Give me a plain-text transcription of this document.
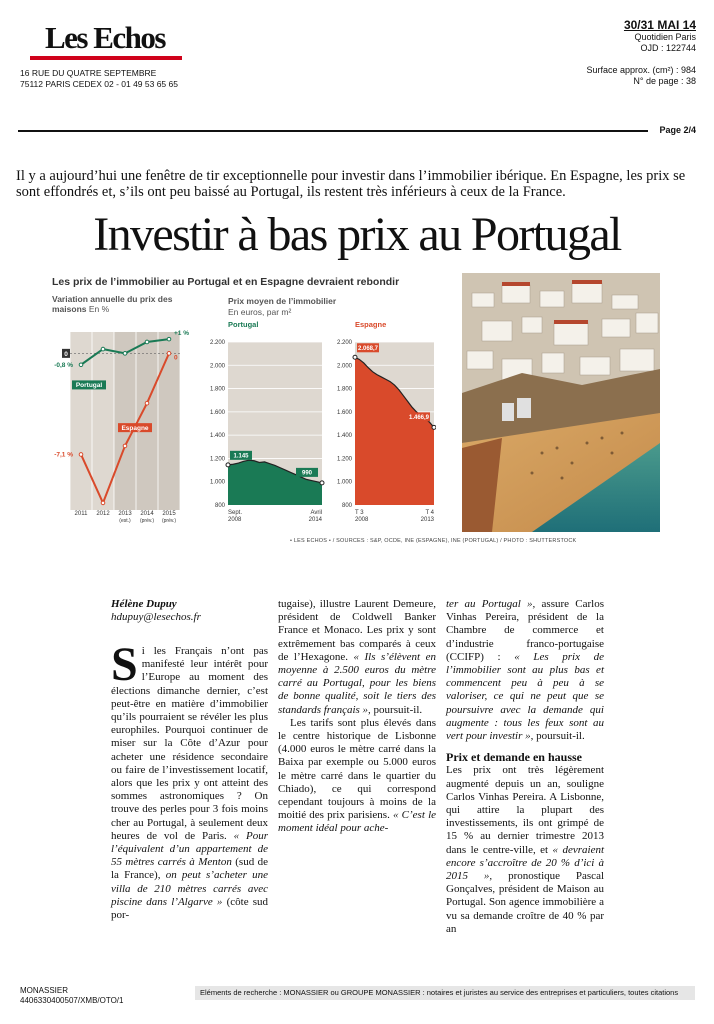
Les Echos
16 RUE DU QUATRE SEPTEMBRE
75112 PARIS CEDEX 02 - 01 49 53 65 65
30/31 MAI 14
Quotidien Paris
OJD : 122744
Surface approx. (cm²) : 984
N° de page : 38
Page 2/4
Il y a aujourd’hui une fenêtre de tir exceptionnelle pour investir dans l’immobilier ibérique. En Espagne, les prix se sont effondrés et, s’ils ont peu baissé au Portugal, ils restent très inférieurs à ceux de la France.
Investir à bas prix au Portugal
2011 2012 2013
(est.)
2014
(prév.)
2015
(prév.)
-0,8 %
+1 %
Portugal
-7,1 %
0
Espagne
0
800
1.000
1.200
1.400
1.600
1.800
2.000
2.200
1.145
990
Sept.
2008
Avril
2014
800
1.000
1.200
1.400
1.600
1.800
2.000
2.200
2.068,7
1.466,9
T 3
2008
T 4
2013
Les prix de l’immobilier au Portugal et en Espagne devraient rebondir
Variation annuelle du prix des maisons En %
Prix moyen de l’immobilier
En euros, par m²
Portugal	Espagne
• LES ECHOS • / SOURCES : S&P, OCDE, INE (ESPAGNE), INE (PORTUGAL) / PHOTO : SHUTTERSTOCK
Hélène Dupuy
hdupuy@lesechos.fr

Si les Français n’ont pas manifesté leur intérêt pour l’Europe au moment des élections dimanche dernier, c’est peut-être en matière d’immobilier qu’ils pourraient se révéler les plus europhiles. Pourquoi continuer de miser sur la Côte d’Azur pour acheter une résidence secondaire ou faire de l’investissement locatif, alors que les prix y ont atteint des sommes astronomiques ? On trouve des perles pour 3 fois moins cher au Portugal, à seulement deux heures de vol de Paris. « Pour l’équivalent d’un appartement de 55 mètres carrés à Menton (sud de la France), on peut s’acheter une villa de 210 mètres carrés avec piscine dans l’Algarve » (côte sud por-

tugaise), illustre Laurent Demeure, président de Coldwell Banker France et Monaco. Les prix y sont extrêmement bas comparés à ceux de l’Hexagone. « Ils s’élèvent en moyenne à 2.500 euros du mètre carré au Portugal, pour les biens de bonne qualité, soit le tiers des standards français », poursuit-il.

Les tarifs sont plus élevés dans le centre historique de Lisbonne (4.000 euros le mètre carré dans la Baixa par exemple ou 5.000 euros le mètre carré dans le quartier du Chiado), ce qui correspond cependant toujours à moins de la moitié des prix parisiens. « C’est le moment idéal pour ache-

ter au Portugal », assure Carlos Vinhas Pereira, président de la Chambre de commerce et d’industrie franco-portugaise (CCIFP) : « Les prix de l’immobilier sont au plus bas et commencent peu à peu à se valoriser, ce qui ne peut que se poursuivre avec la demande qui augmente : tous les feux sont au vert pour investir », poursuit-il.

Prix et demande en hausse

Les prix ont très légèrement augmenté depuis un an, souligne Carlos Vinhas Pereira. A Lisbonne, qui attire la plupart des investissements, ils ont grimpé de 15 % au dernier trimestre 2013 dans le centre-ville, et « devraient encore s’accroître de 20 % d’ici à 2015 », pronostique Pascal Gonçalves, président de Maison au Portugal. Son agence immobilière a vu sa demande croître de 40 % par an

MONASSIER
4406330400507/XMB/OTO/1
Eléments de recherche : MONASSIER ou GROUPE MONASSIER : notaires et juristes au service des entreprises et particuliers, toutes citations
